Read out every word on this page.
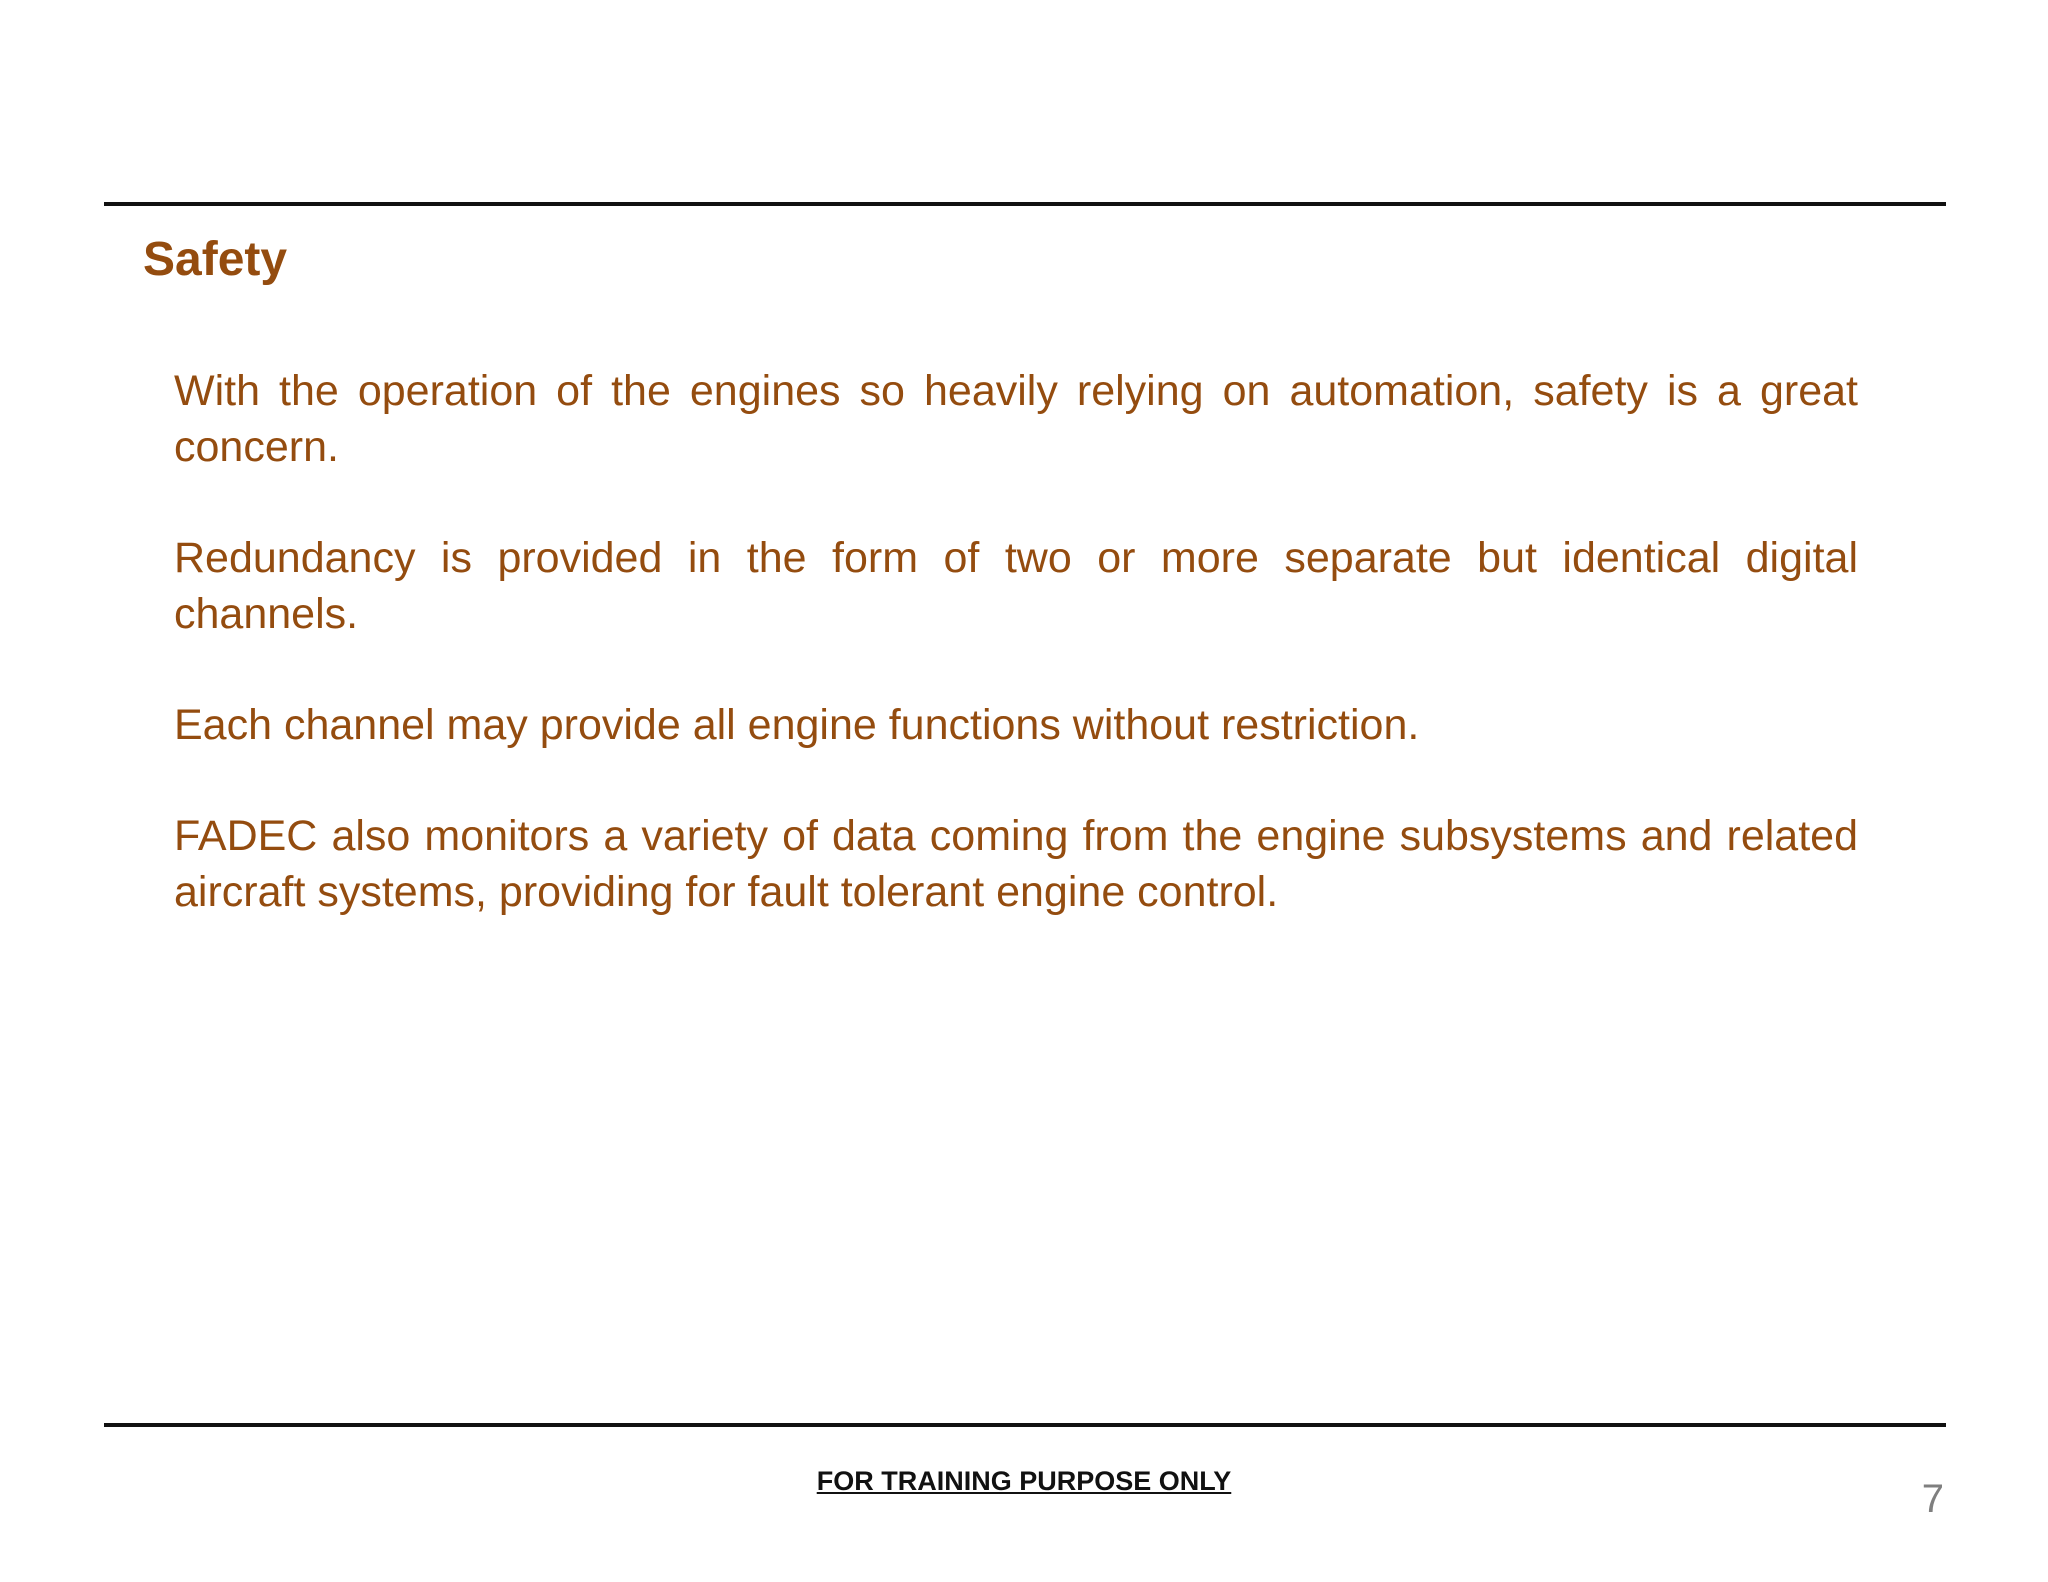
Safety

With the operation of the engines so heavily relying on automation, safety is a great concern.

Redundancy is provided in the form of two or more separate but identical digital channels.

Each channel may provide all engine functions without restriction.

FADEC also monitors a variety of data coming from the engine subsystems and related aircraft systems, providing for fault tolerant engine control.

FOR TRAINING PURPOSE ONLY	7
